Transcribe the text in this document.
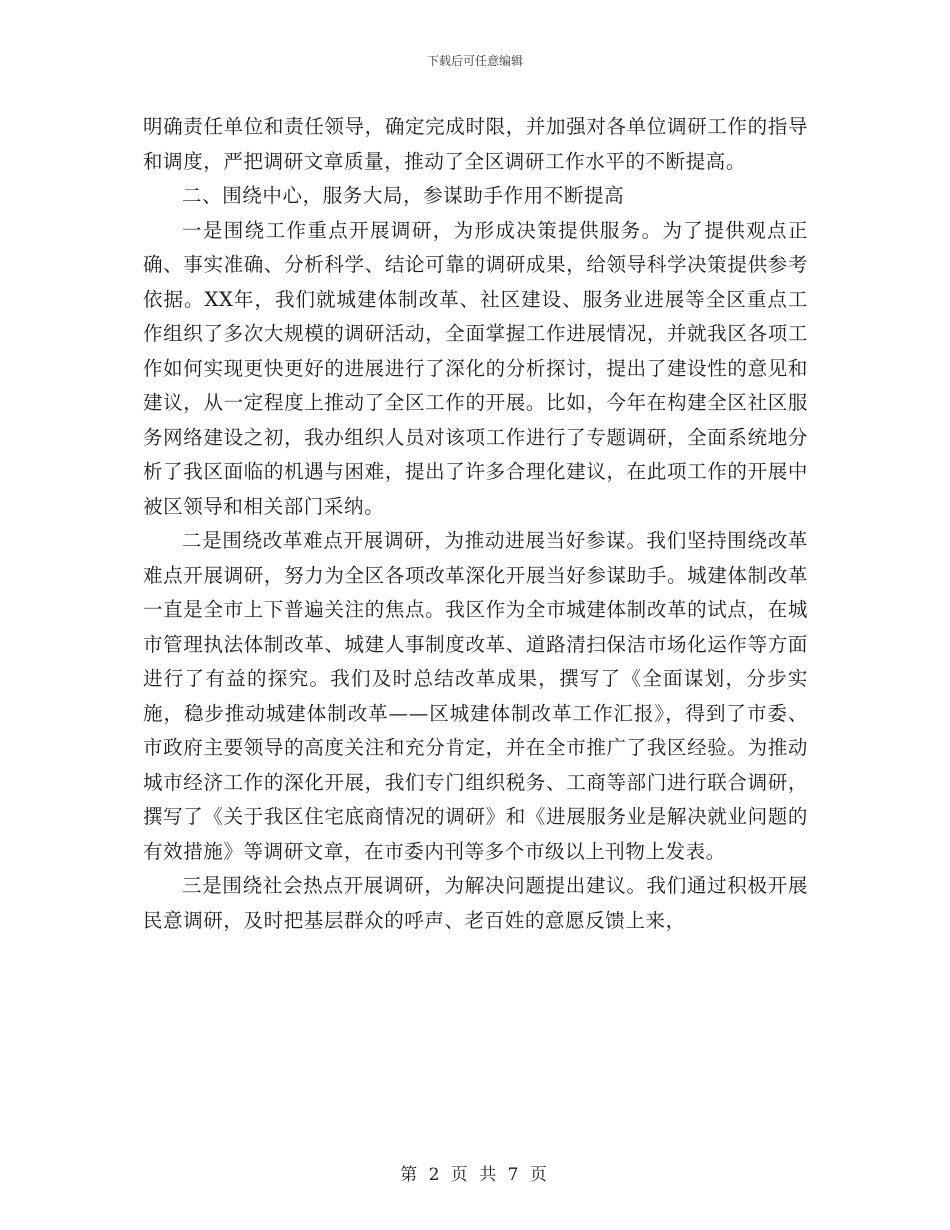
下载后可任意编辑

明确责任单位和责任领导，确定完成时限，并加强对各单位调研工作的指导和调度，严把调研文章质量，推动了全区调研工作水平的不断提高。

二、围绕中心，服务大局，参谋助手作用不断提高

一是围绕工作重点开展调研，为形成决策提供服务。为了提供观点正确、事实准确、分析科学、结论可靠的调研成果，给领导科学决策提供参考依据。XX年，我们就城建体制改革、社区建设、服务业进展等全区重点工作组织了多次大规模的调研活动，全面掌握工作进展情况，并就我区各项工作如何实现更快更好的进展进行了深化的分析探讨，提出了建设性的意见和建议，从一定程度上推动了全区工作的开展。比如，今年在构建全区社区服务网络建设之初，我办组织人员对该项工作进行了专题调研，全面系统地分析了我区面临的机遇与困难，提出了许多合理化建议，在此项工作的开展中被区领导和相关部门采纳。

二是围绕改革难点开展调研，为推动进展当好参谋。我们坚持围绕改革难点开展调研，努力为全区各项改革深化开展当好参谋助手。城建体制改革一直是全市上下普遍关注的焦点。我区作为全市城建体制改革的试点，在城市管理执法体制改革、城建人事制度改革、道路清扫保洁市场化运作等方面进行了有益的探究。我们及时总结改革成果，撰写了《全面谋划，分步实施，稳步推动城建体制改革——区城建体制改革工作汇报》，得到了市委、市政府主要领导的高度关注和充分肯定，并在全市推广了我区经验。为推动城市经济工作的深化开展，我们专门组织税务、工商等部门进行联合调研，撰写了《关于我区住宅底商情况的调研》和《进展服务业是解决就业问题的有效措施》等调研文章，在市委内刊等多个市级以上刊物上发表。

三是围绕社会热点开展调研，为解决问题提出建议。我们通过积极开展民意调研，及时把基层群众的呼声、老百姓的意愿反馈上来，

第 2 页 共 7 页
